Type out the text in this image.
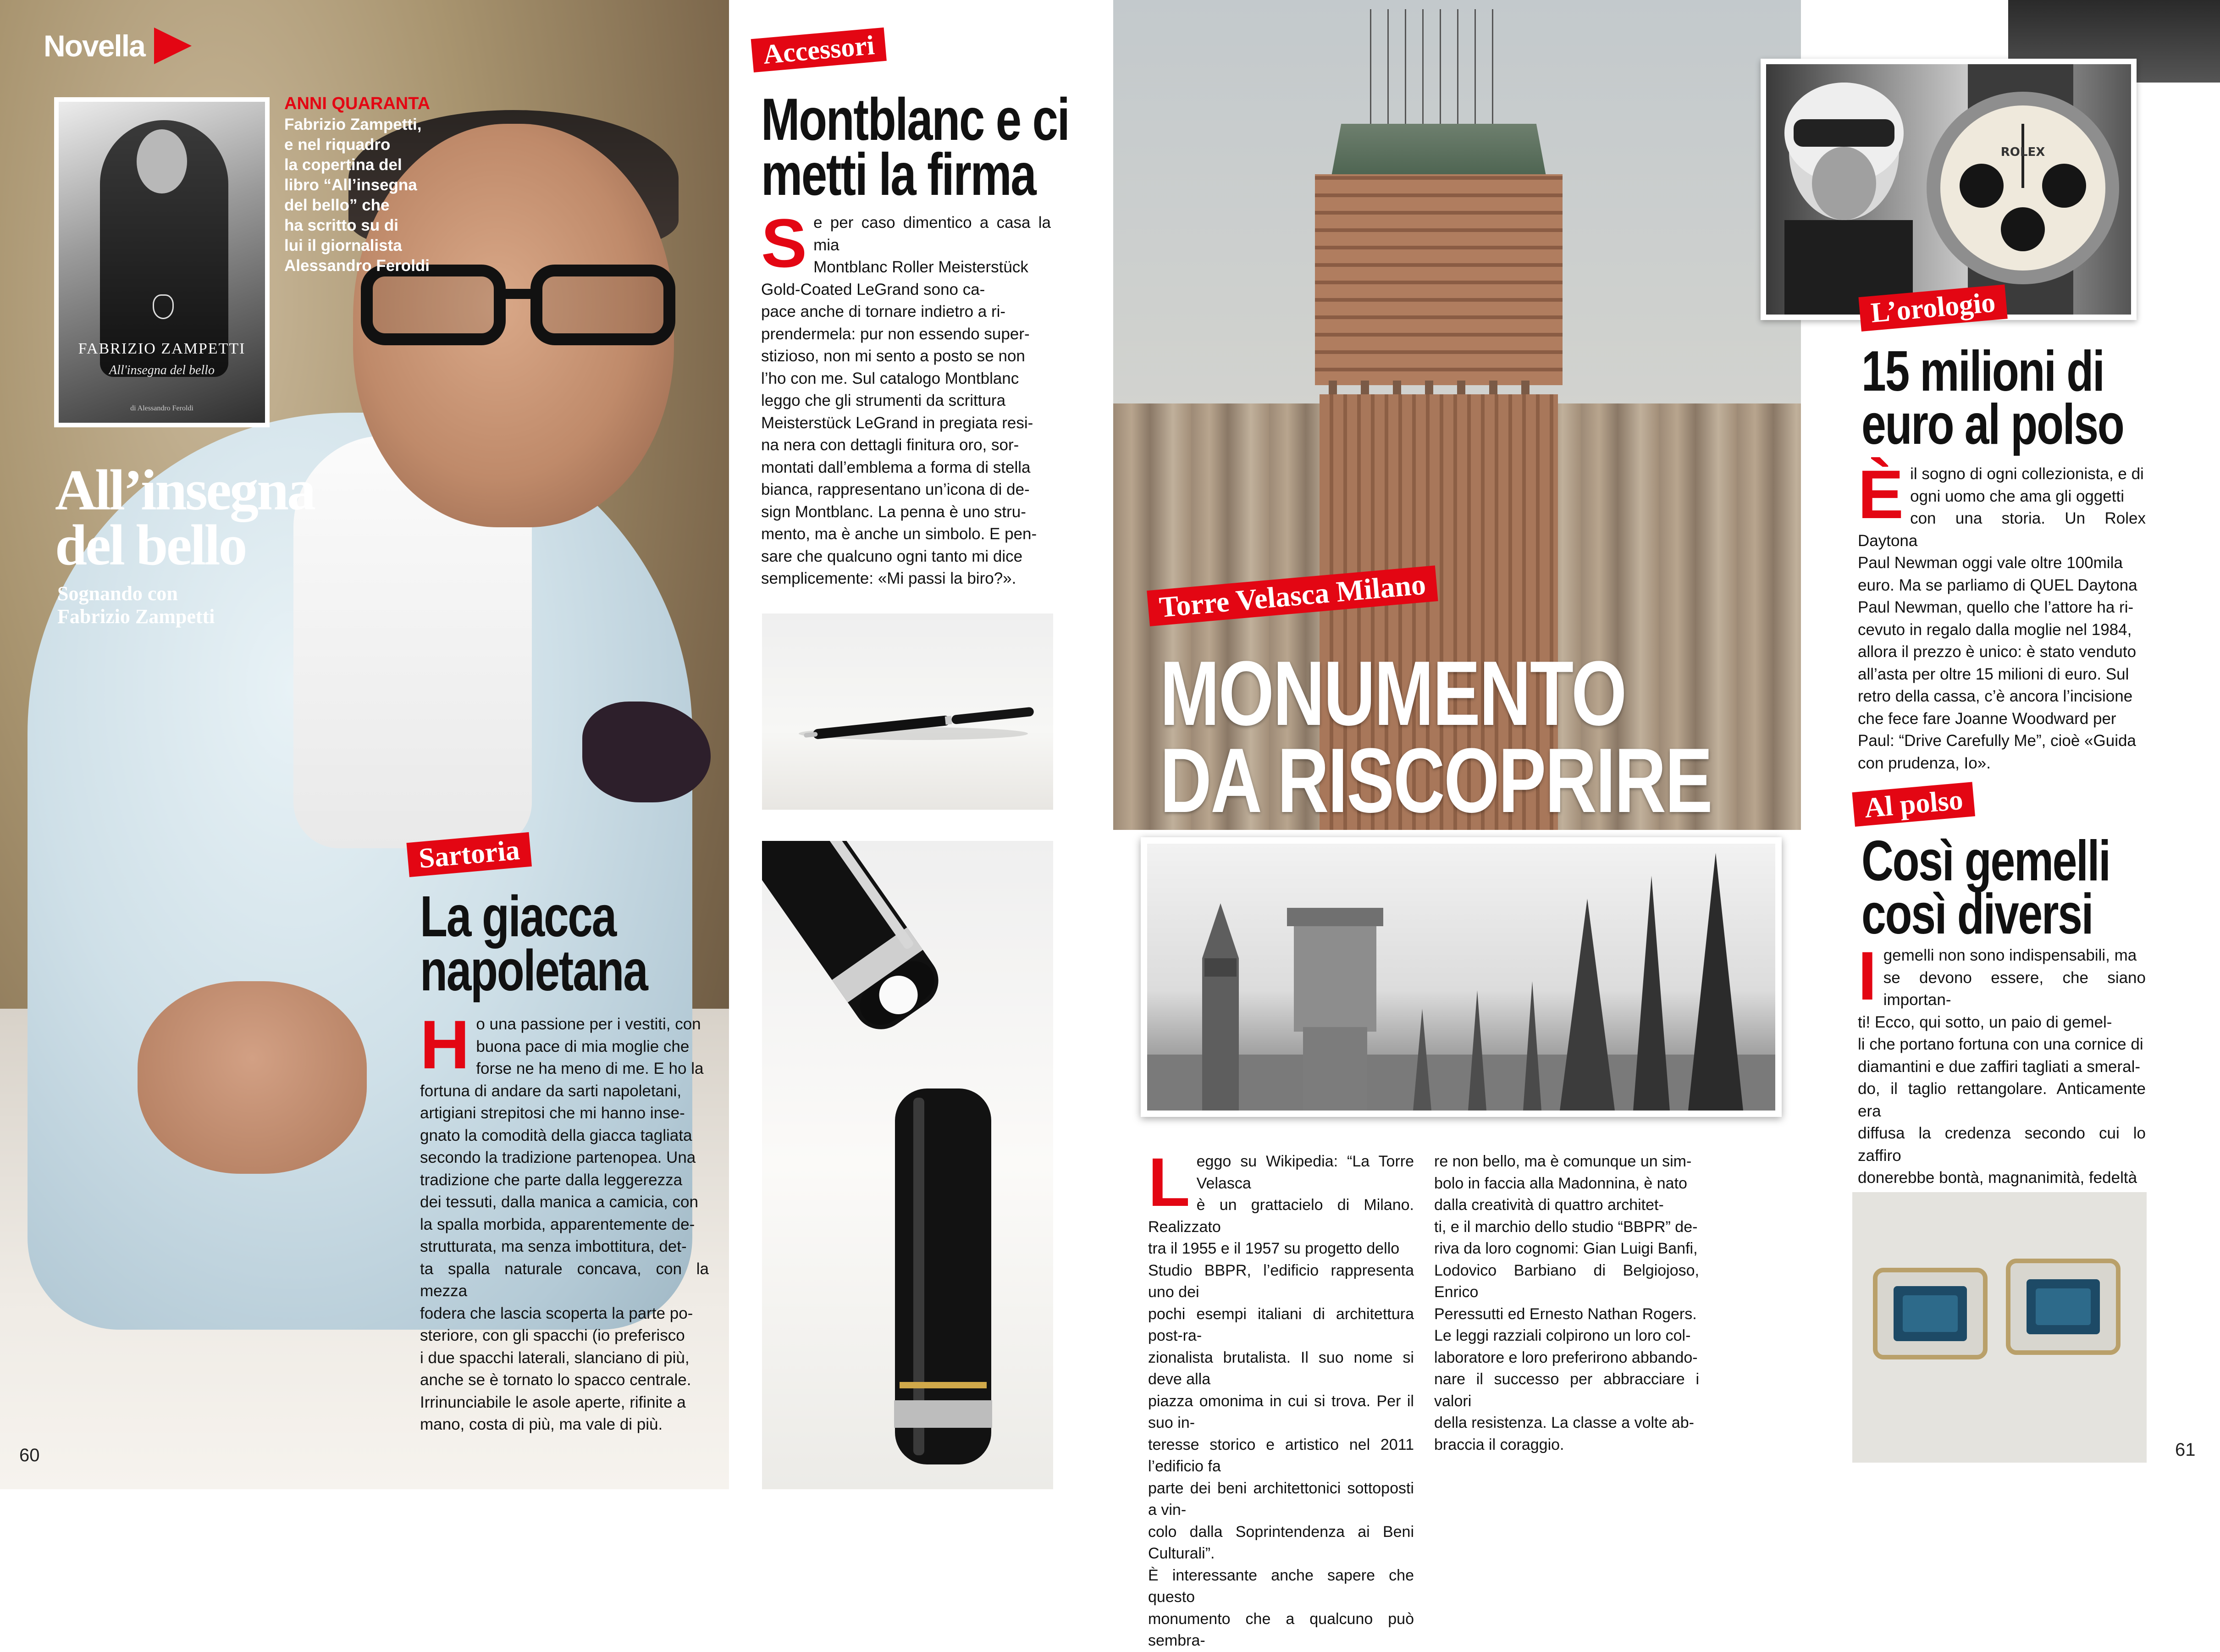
Novella
FABRIZIO ZAMPETTI
All'insegna del bello
di Alessandro Feroldi
ANNI QUARANTA
Fabrizio Zampetti,
e nel riquadro
la copertina del
libro “All’insegna
del bello” che
ha scritto su di
lui il giornalista
Alessandro Feroldi
All’insegna
del bello
Sognando con
Fabrizio Zampetti
Sartoria
La giacca
napoletana
H o una passione per i vestiti, con
buona pace di mia moglie che
forse ne ha meno di me. E ho la
fortuna di andare da sarti napoletani,
artigiani strepitosi che mi hanno inse-
gnato la comodità della giacca tagliata
secondo la tradizione partenopea. Una
tradizione che parte dalla leggerezza
dei tessuti, dalla manica a camicia, con
la spalla morbida, apparentemente de-
strutturata, ma senza imbottitura, det-
ta spalla naturale concava, con la mezza
fodera che lascia scoperta la parte po-
steriore, con gli spacchi (io preferisco
i due spacchi laterali, slanciano di più,
anche se è tornato lo spacco centrale.
Irrinunciabile le asole aperte, rifinite a
mano, costa di più, ma vale di più.
60
Accessori
Montblanc e ci
metti la firma
S e per caso dimentico a casa la mia
Montblanc Roller Meisterstück
Gold-Coated LeGrand sono ca-
pace anche di tornare indietro a ri-
prendermela: pur non essendo super-
stizioso, non mi sento a posto se non
l’ho con me. Sul catalogo Montblanc
leggo che gli strumenti da scrittura
Meisterstück LeGrand in pregiata resi-
na nera con dettagli finitura oro, sor-
montati dall’emblema a forma di stella
bianca, rappresentano un’icona di de-
sign Montblanc. La penna è uno stru-
mento, ma è anche un simbolo. E pen-
sare che qualcuno ogni tanto mi dice
semplicemente: «Mi passi la biro?».	Torre Velasca Milano
MONUMENTO
DA RISCOPRIRE
L eggo su Wikipedia: “La Torre Velasca
è un grattacielo di Milano. Realizzato
tra il 1955 e il 1957 su progetto dello
Studio BBPR, l’edificio rappresenta uno dei
pochi esempi italiani di architettura post-ra-
zionalista brutalista. Il suo nome si deve alla
piazza omonima in cui si trova. Per il suo in-
teresse storico e artistico nel 2011 l’edificio fa
parte dei beni architettonici sottoposti a vin-
colo dalla Soprintendenza ai Beni Culturali”.
È interessante anche sapere che questo
monumento che a qualcuno può sembra-
re non bello, ma è comunque un sim-
bolo in faccia alla Madonnina, è nato
dalla creatività di quattro architet-
ti, e il marchio dello studio “BBPR” de-
riva da loro cognomi: Gian Luigi Banfi,
Lodovico Barbiano di Belgiojoso, Enrico
Peressutti ed Ernesto Nathan Rogers.
Le leggi razziali colpirono un loro col-
laboratore e loro preferirono abbando-
nare il successo per abbracciare i valori
della resistenza. La classe a volte ab-
braccia il coraggio.
ROLEX
L’orologio
15 milioni di
euro al polso
È il sogno di ogni collezionista, e di
ogni uomo che ama gli oggetti
con una storia. Un Rolex Daytona
Paul Newman oggi vale oltre 100mila
euro. Ma se parliamo di QUEL Daytona
Paul Newman, quello che l’attore ha ri-
cevuto in regalo dalla moglie nel 1984,
allora il prezzo è unico: è stato venduto
all’asta per oltre 15 milioni di euro. Sul
retro della cassa, c’è ancora l’incisione
che fece fare Joanne Woodward per
Paul: “Drive Carefully Me”, cioè «Guida
con prudenza, Io».
Al polso
Così gemelli
così diversi
I gemelli non sono indispensabili, ma
se devono essere, che siano importan-
ti! Ecco, qui sotto, un paio di gemel-
li che portano fortuna con una cornice di
diamantini e due zaffiri tagliati a smeral-
do, il taglio rettangolare. Anticamente era
diffusa la credenza secondo cui lo zaffiro
donerebbe bontà, magnanimità, fedeltà
61
